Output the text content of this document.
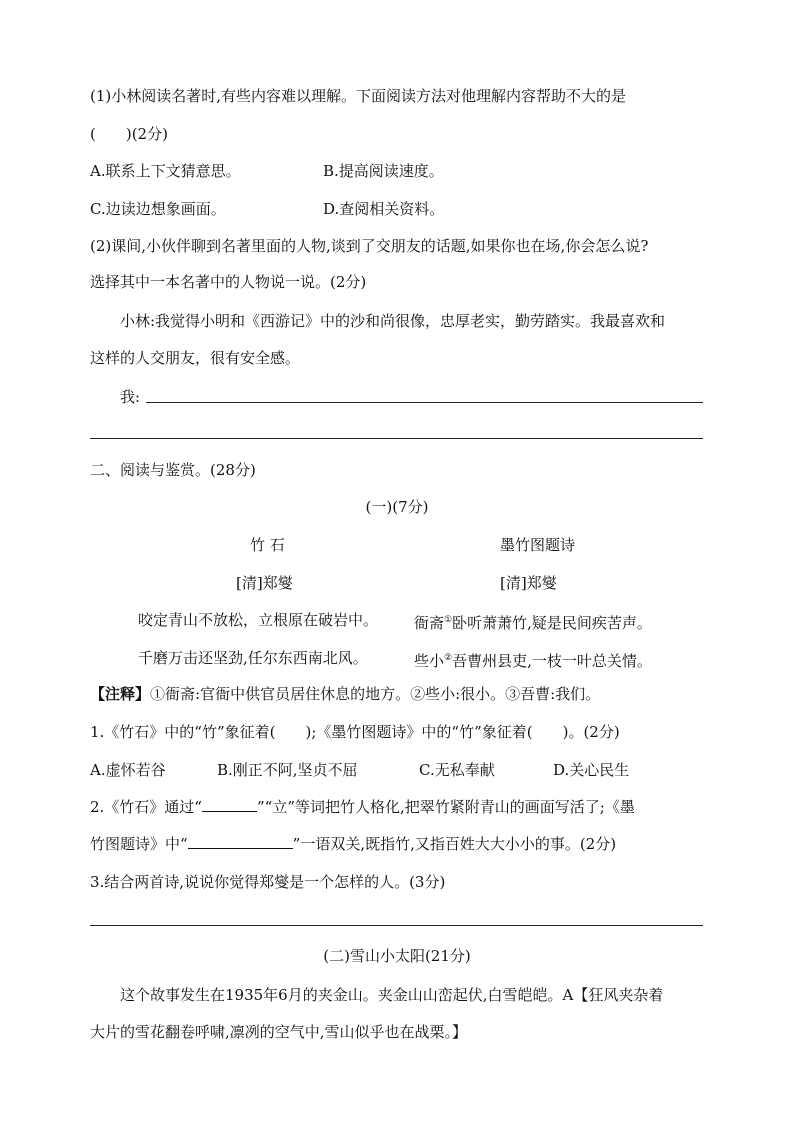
(1)小林阅读名著时,有些内容难以理解。下面阅读方法对他理解内容帮助不大的是
(　　)(2分)
A.联系上下文猜意思。	B.提高阅读速度。
C.边读边想象画面。	D.查阅相关资料。
(2)课间,小伙伴聊到名著里面的人物,谈到了交朋友的话题,如果你也在场,你会怎么说?
选择其中一本名著中的人物说一说。(2分)
小林:我觉得小明和《西游记》中的沙和尚很像，忠厚老实，勤劳踏实。我最喜欢和
这样的人交朋友，很有安全感。
我:
二、阅读与鉴赏。(28分)
(一)(7分)
竹 石	墨竹图题诗
[清]郑燮	[清]郑燮
咬定青山不放松，立根原在破岩中。 衙斋①卧听萧萧竹,疑是民间疾苦声。
千磨万击还坚劲,任尔东西南北风。	些小②吾曹州县吏,一枝一叶总关情。
【注释】①衙斋:官衙中供官员居住休息的地方。②些小:很小。③吾曹:我们。
1.《竹石》中的“竹”象征着(　　);《墨竹图题诗》中的“竹”象征着(　　)。(2分)
A.虚怀若谷	B.刚正不阿,坚贞不屈	C.无私奉献	D.关心民生
2.《竹石》通过“	”“立”等词把竹人格化,把翠竹紧附青山的画面写活了;《墨
竹图题诗》中“	”一语双关,既指竹,又指百姓大大小小的事。(2分)
3.结合两首诗,说说你觉得郑燮是一个怎样的人。(3分)
(二)雪山小太阳(21分)
这个故事发生在1935年6月的夹金山。夹金山山峦起伏,白雪皑皑。A【狂风夹杂着
大片的雪花翻卷呼啸,凛冽的空气中,雪山似乎也在战栗。】
